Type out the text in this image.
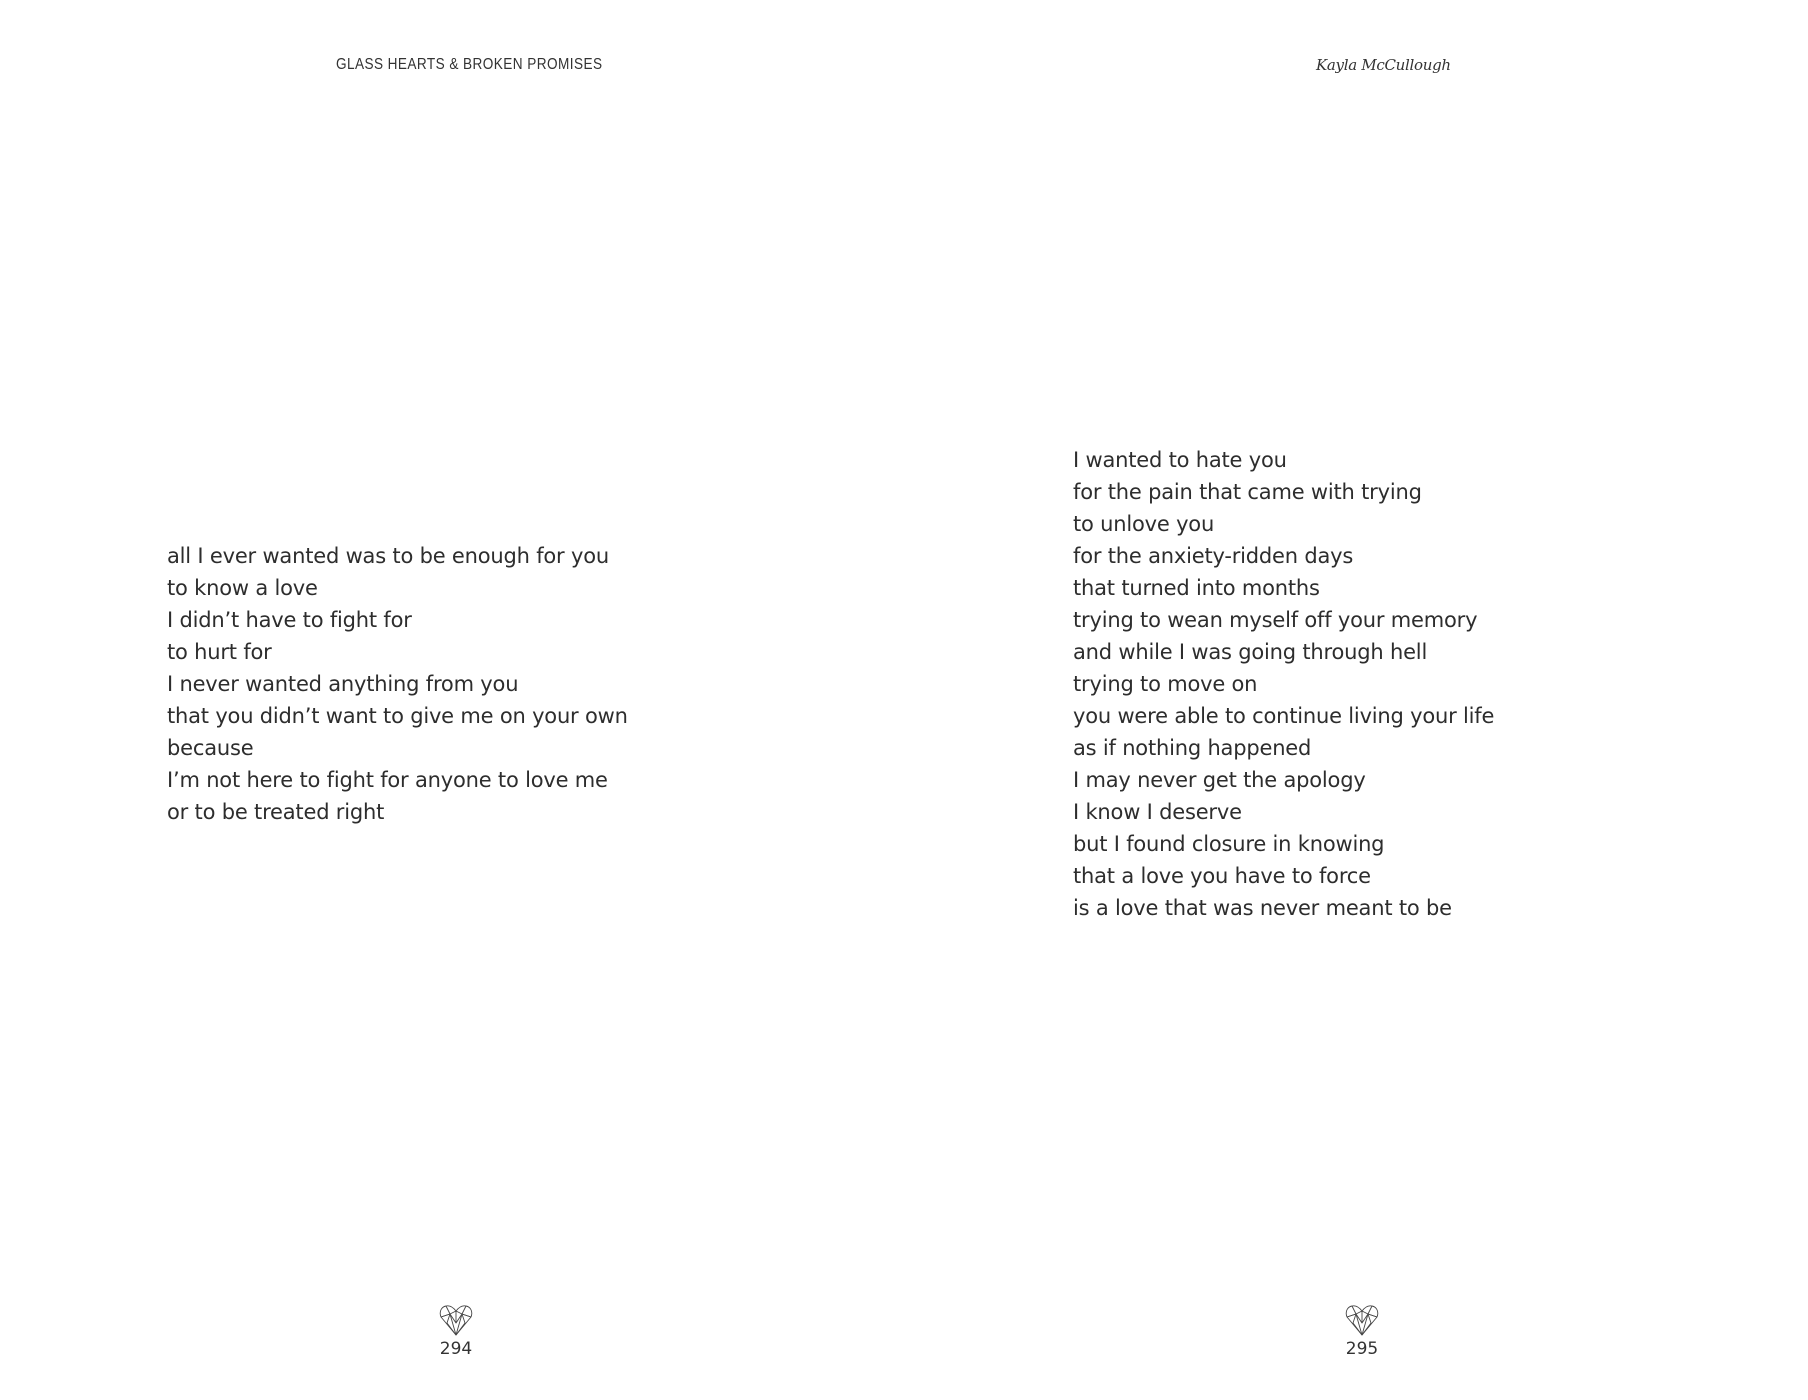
GLASS HEARTS & BROKEN PROMISES
all I ever wanted was to be enough for you
to know a love
I didn’t have to fight for
to hurt for
I never wanted anything from you
that you didn’t want to give me on your own
because
I’m not here to fight for anyone to love me
or to be treated right
294
Kayla McCullough
I wanted to hate you
for the pain that came with trying
to unlove you
for the anxiety-ridden days
that turned into months
trying to wean myself off your memory
and while I was going through hell
trying to move on
you were able to continue living your life
as if nothing happened
I may never get the apology
I know I deserve
but I found closure in knowing
that a love you have to force
is a love that was never meant to be
295
